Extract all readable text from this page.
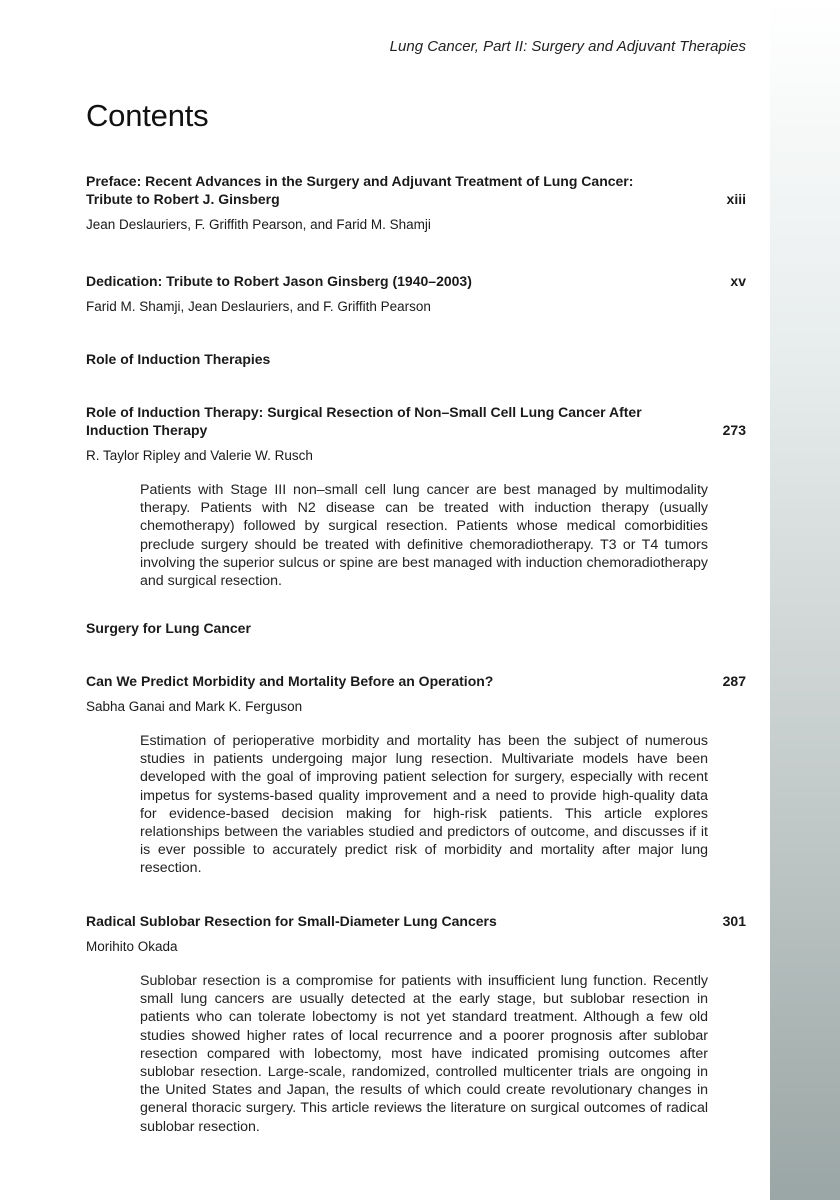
Lung Cancer, Part II: Surgery and Adjuvant Therapies
Contents
Preface: Recent Advances in the Surgery and Adjuvant Treatment of Lung Cancer: Tribute to Robert J. Ginsberg	xiii
Jean Deslauriers, F. Griffith Pearson, and Farid M. Shamji
Dedication: Tribute to Robert Jason Ginsberg (1940–2003)	xv
Farid M. Shamji, Jean Deslauriers, and F. Griffith Pearson
Role of Induction Therapies
Role of Induction Therapy: Surgical Resection of Non–Small Cell Lung Cancer After Induction Therapy	273
R. Taylor Ripley and Valerie W. Rusch
Patients with Stage III non–small cell lung cancer are best managed by multimodality therapy. Patients with N2 disease can be treated with induction therapy (usually chemotherapy) followed by surgical resection. Patients whose medical comorbidities preclude surgery should be treated with definitive chemoradiotherapy. T3 or T4 tumors involving the superior sulcus or spine are best managed with induction chemoradiotherapy and surgical resection.
Surgery for Lung Cancer
Can We Predict Morbidity and Mortality Before an Operation?	287
Sabha Ganai and Mark K. Ferguson
Estimation of perioperative morbidity and mortality has been the subject of numerous studies in patients undergoing major lung resection. Multivariate models have been developed with the goal of improving patient selection for surgery, especially with recent impetus for systems-based quality improvement and a need to provide high-quality data for evidence-based decision making for high-risk patients. This article explores relationships between the variables studied and predictors of outcome, and discusses if it is ever possible to accurately predict risk of morbidity and mortality after major lung resection.
Radical Sublobar Resection for Small-Diameter Lung Cancers	301
Morihito Okada
Sublobar resection is a compromise for patients with insufficient lung function. Recently small lung cancers are usually detected at the early stage, but sublobar resection in patients who can tolerate lobectomy is not yet standard treatment. Although a few old studies showed higher rates of local recurrence and a poorer prognosis after sublobar resection compared with lobectomy, most have indicated promising outcomes after sublobar resection. Large-scale, randomized, controlled multicenter trials are ongoing in the United States and Japan, the results of which could create revolutionary changes in general thoracic surgery. This article reviews the literature on surgical outcomes of radical sublobar resection.
